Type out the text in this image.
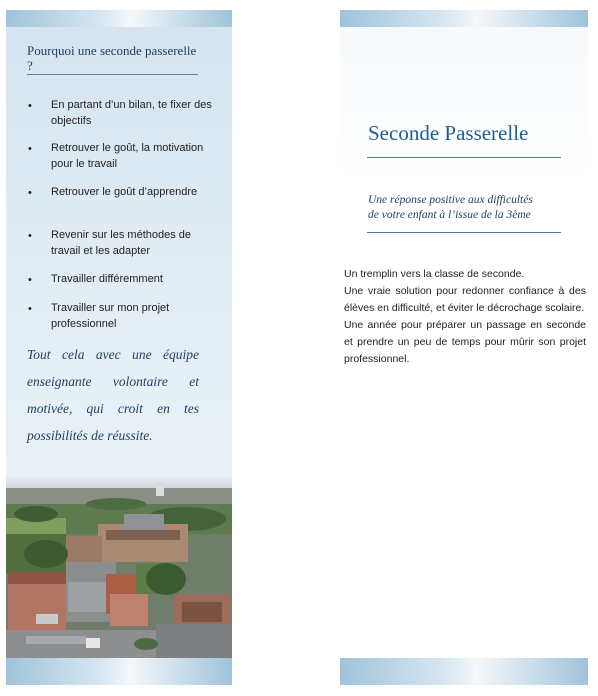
Pourquoi une seconde passerelle ?
• En partant d’un bilan, te fixer des objectifs
• Retrouver le goût, la motivation pour le travail
• Retrouver le goût d’apprendre
• Revenir sur les méthodes de travail et les adapter
• Travailler différemment
• Travailler sur mon projet professionnel

Tout cela avec une équipe enseignante volontaire et motivée, qui croit en tes possibilités de réussite.

Seconde Passerelle

Une réponse positive aux difficultés
de votre enfant à l’issue de la 3ème

Un tremplin vers la classe de seconde.

Une vraie solution pour redonner confiance à des élèves en difficulté, et éviter le décrochage scolaire.

Une année pour préparer un passage en seconde et prendre un peu de temps pour mûrir son projet professionnel.
